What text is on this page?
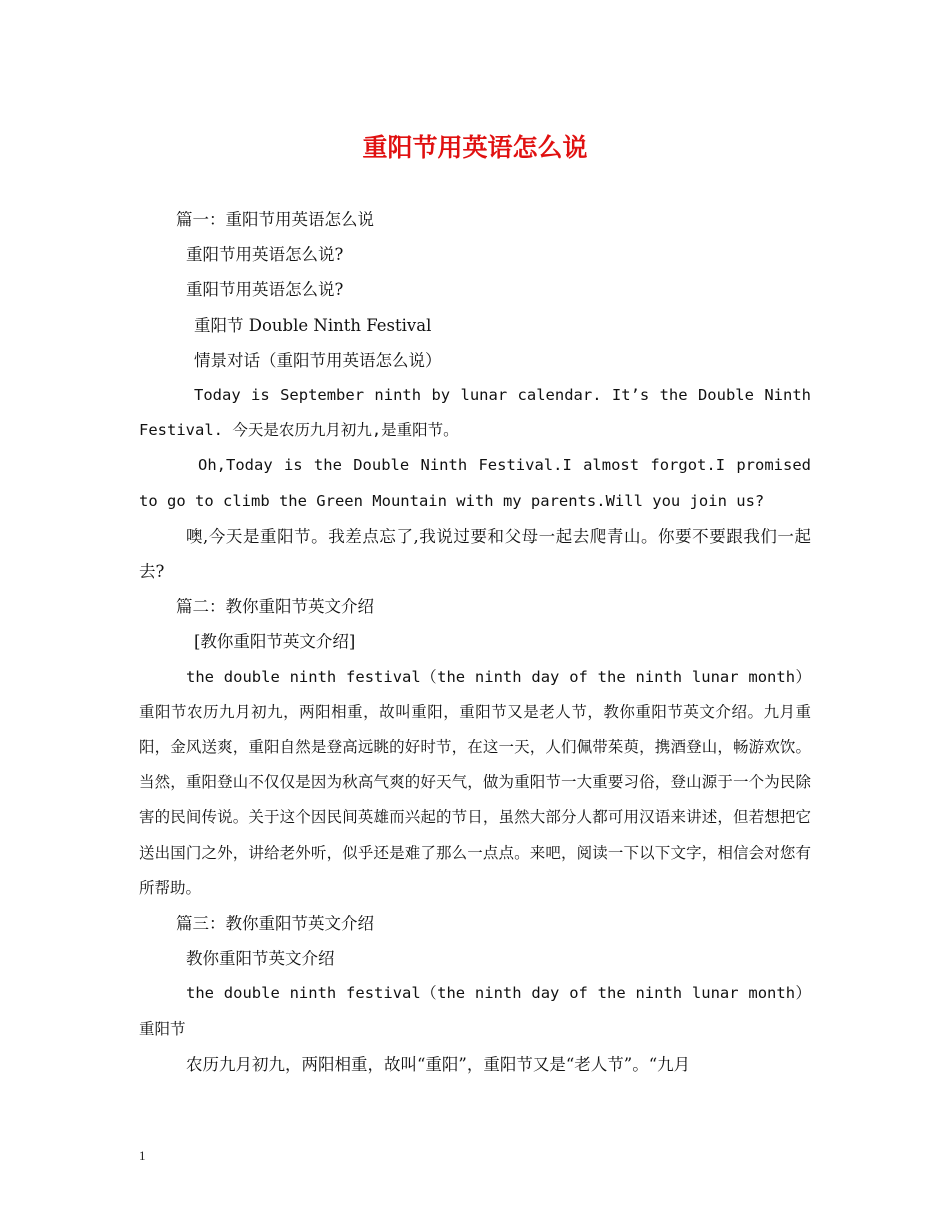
重阳节用英语怎么说

篇一：重阳节用英语怎么说

重阳节用英语怎么说?

重阳节用英语怎么说?

重阳节 Double Ninth Festival

情景对话（重阳节用英语怎么说）

Today is September ninth by lunar calendar. It’s the Double Ninth Festival. 今天是农历九月初九,是重阳节。

Oh,Today is the Double Ninth Festival.I almost forgot.I promised to go to climb the Green Mountain with my parents.Will you join us?

噢,今天是重阳节。我差点忘了,我说过要和父母一起去爬青山。你要不要跟我们一起去?

篇二：教你重阳节英文介绍

[教你重阳节英文介绍]

the double ninth festival（the ninth day of the ninth lunar month）重阳节农历九月初九，两阳相重，故叫重阳，重阳节又是老人节，教你重阳节英文介绍。九月重阳，金风送爽，重阳自然是登高远眺的好时节，在这一天，人们佩带茱萸，携酒登山，畅游欢饮。当然，重阳登山不仅仅是因为秋高气爽的好天气，做为重阳节一大重要习俗，登山源于一个为民除害的民间传说。关于这个因民间英雄而兴起的节日，虽然大部分人都可用汉语来讲述，但若想把它送出国门之外，讲给老外听，似乎还是难了那么一点点。来吧，阅读一下以下文字，相信会对您有所帮助。

篇三：教你重阳节英文介绍

教你重阳节英文介绍

the double ninth festival（the ninth day of the ninth lunar month）重阳节

农历九月初九，两阳相重，故叫“重阳”，重阳节又是“老人节”。“九月

1
